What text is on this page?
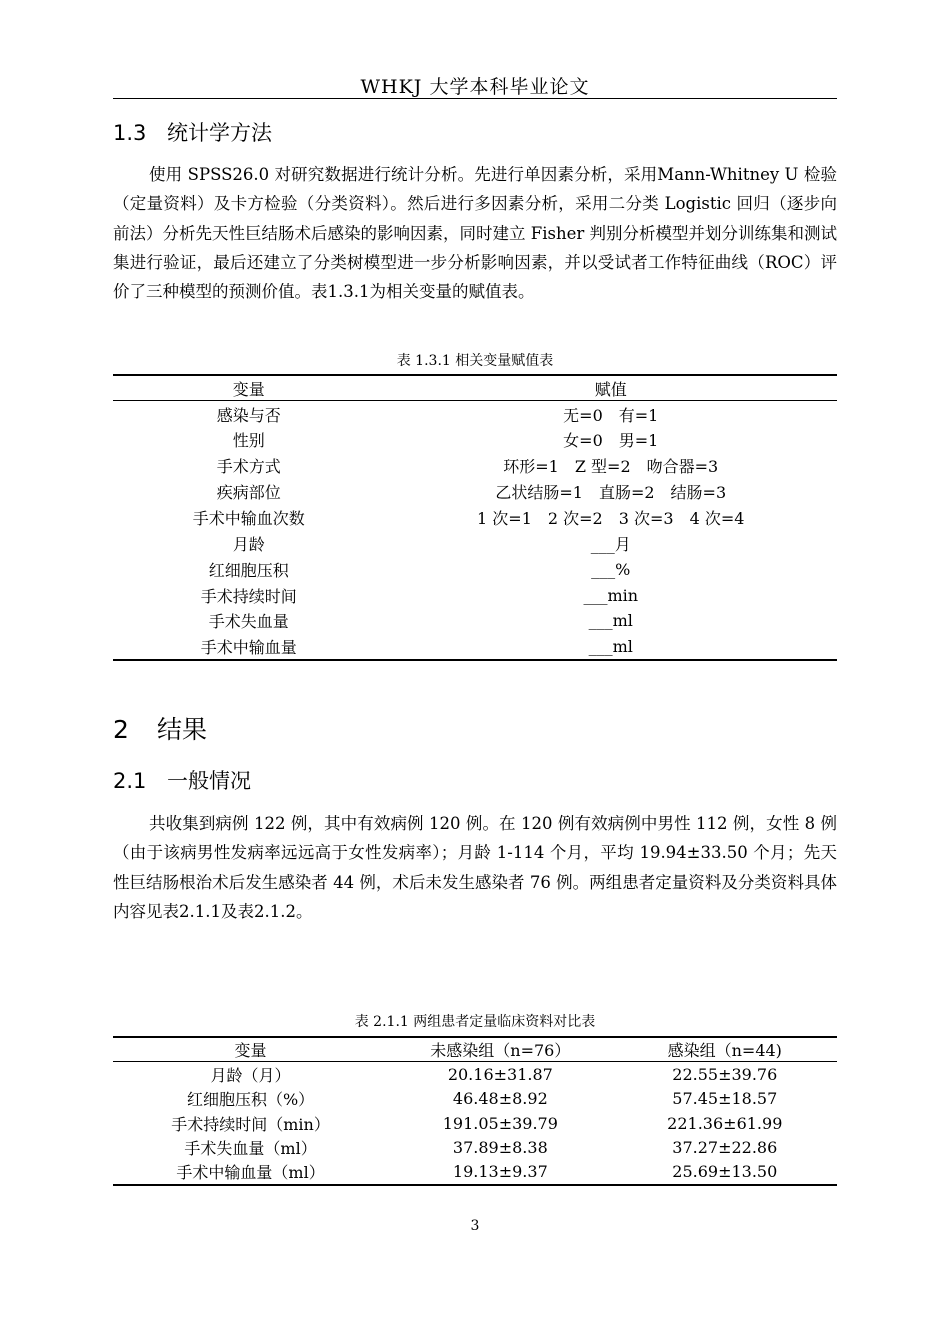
WHKJ 大学本科毕业论文
1.3 统计学方法

使用 SPSS26.0 对研究数据进行统计分析。先进行单因素分析，采用Mann-Whitney U 检验（定量资料）及卡方检验（分类资料）。然后进行多因素分析，采用二分类 Logistic 回归（逐步向前法）分析先天性巨结肠术后感染的影响因素，同时建立 Fisher 判别分析模型并划分训练集和测试集进行验证，最后还建立了分类树模型进一步分析影响因素，并以受试者工作特征曲线（ROC）评价了三种模型的预测价值。表1.3.1为相关变量的赋值表。

表 1.3.1 相关变量赋值表
变量	赋值
感染与否	无=0　有=1
性别	女=0　男=1
手术方式	环形=1　Z 型=2　吻合器=3
疾病部位	乙状结肠=1　直肠=2　结肠=3
手术中输血次数	1 次=1　2 次=2　3 次=3　4 次=4
月龄	___月
红细胞压积	___%
手术持续时间	___min
手术失血量	___ml
手术中输血量	___ml
2 结果
2.1 一般情况

共收集到病例 122 例，其中有效病例 120 例。在 120 例有效病例中男性 112 例，女性 8 例（由于该病男性发病率远远高于女性发病率）；月龄 1-114 个月，平均 19.94±33.50 个月；先天性巨结肠根治术后发生感染者 44 例，术后未发生感染者 76 例。两组患者定量资料及分类资料具体内容见表2.1.1及表2.1.2。

表 2.1.1 两组患者定量临床资料对比表
变量	未感染组（n=76）	感染组（n=44)
月龄（月）	20.16±31.87	22.55±39.76
红细胞压积（%）	46.48±8.92	57.45±18.57
手术持续时间（min）	191.05±39.79	221.36±61.99
手术失血量（ml）	37.89±8.38	37.27±22.86
手术中输血量（ml）	19.13±9.37	25.69±13.50
3
